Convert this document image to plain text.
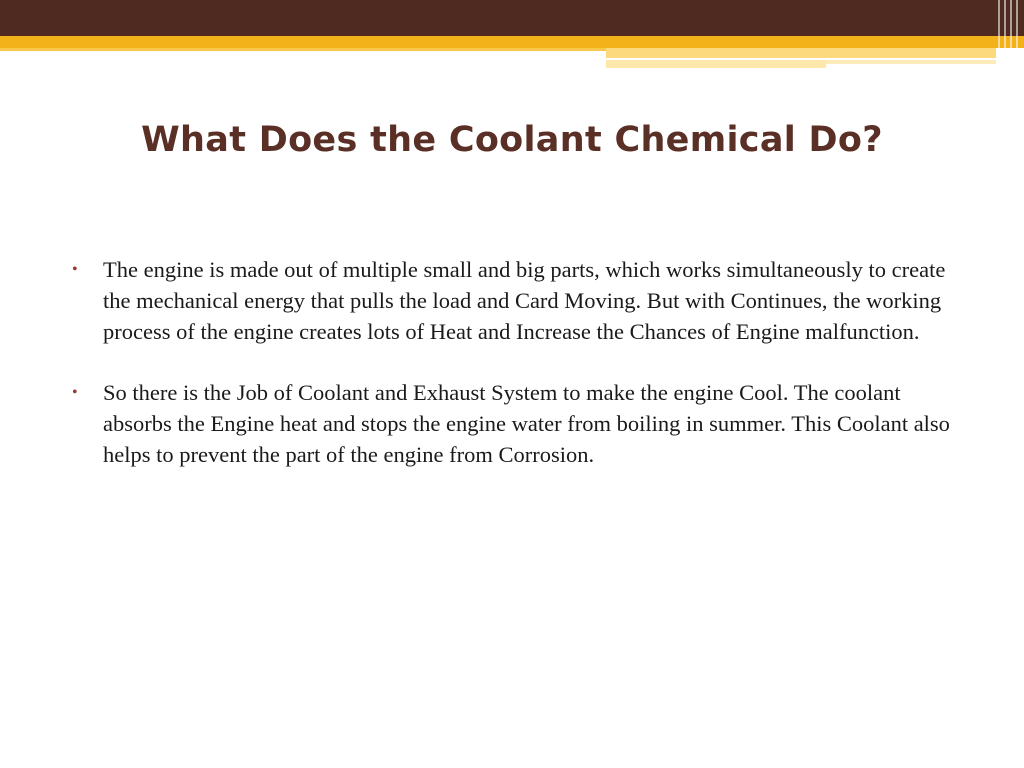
What Does the Coolant Chemical Do?
• The engine is made out of multiple small and big parts, which works simultaneously to create the mechanical energy that pulls the load and Card Moving. But with Continues, the working process of the engine creates lots of Heat and Increase the Chances of Engine malfunction.
• So there is the Job of Coolant and Exhaust System to make the engine Cool. The coolant absorbs the Engine heat and stops the engine water from boiling in summer. This Coolant also helps to prevent the part of the engine from Corrosion.
